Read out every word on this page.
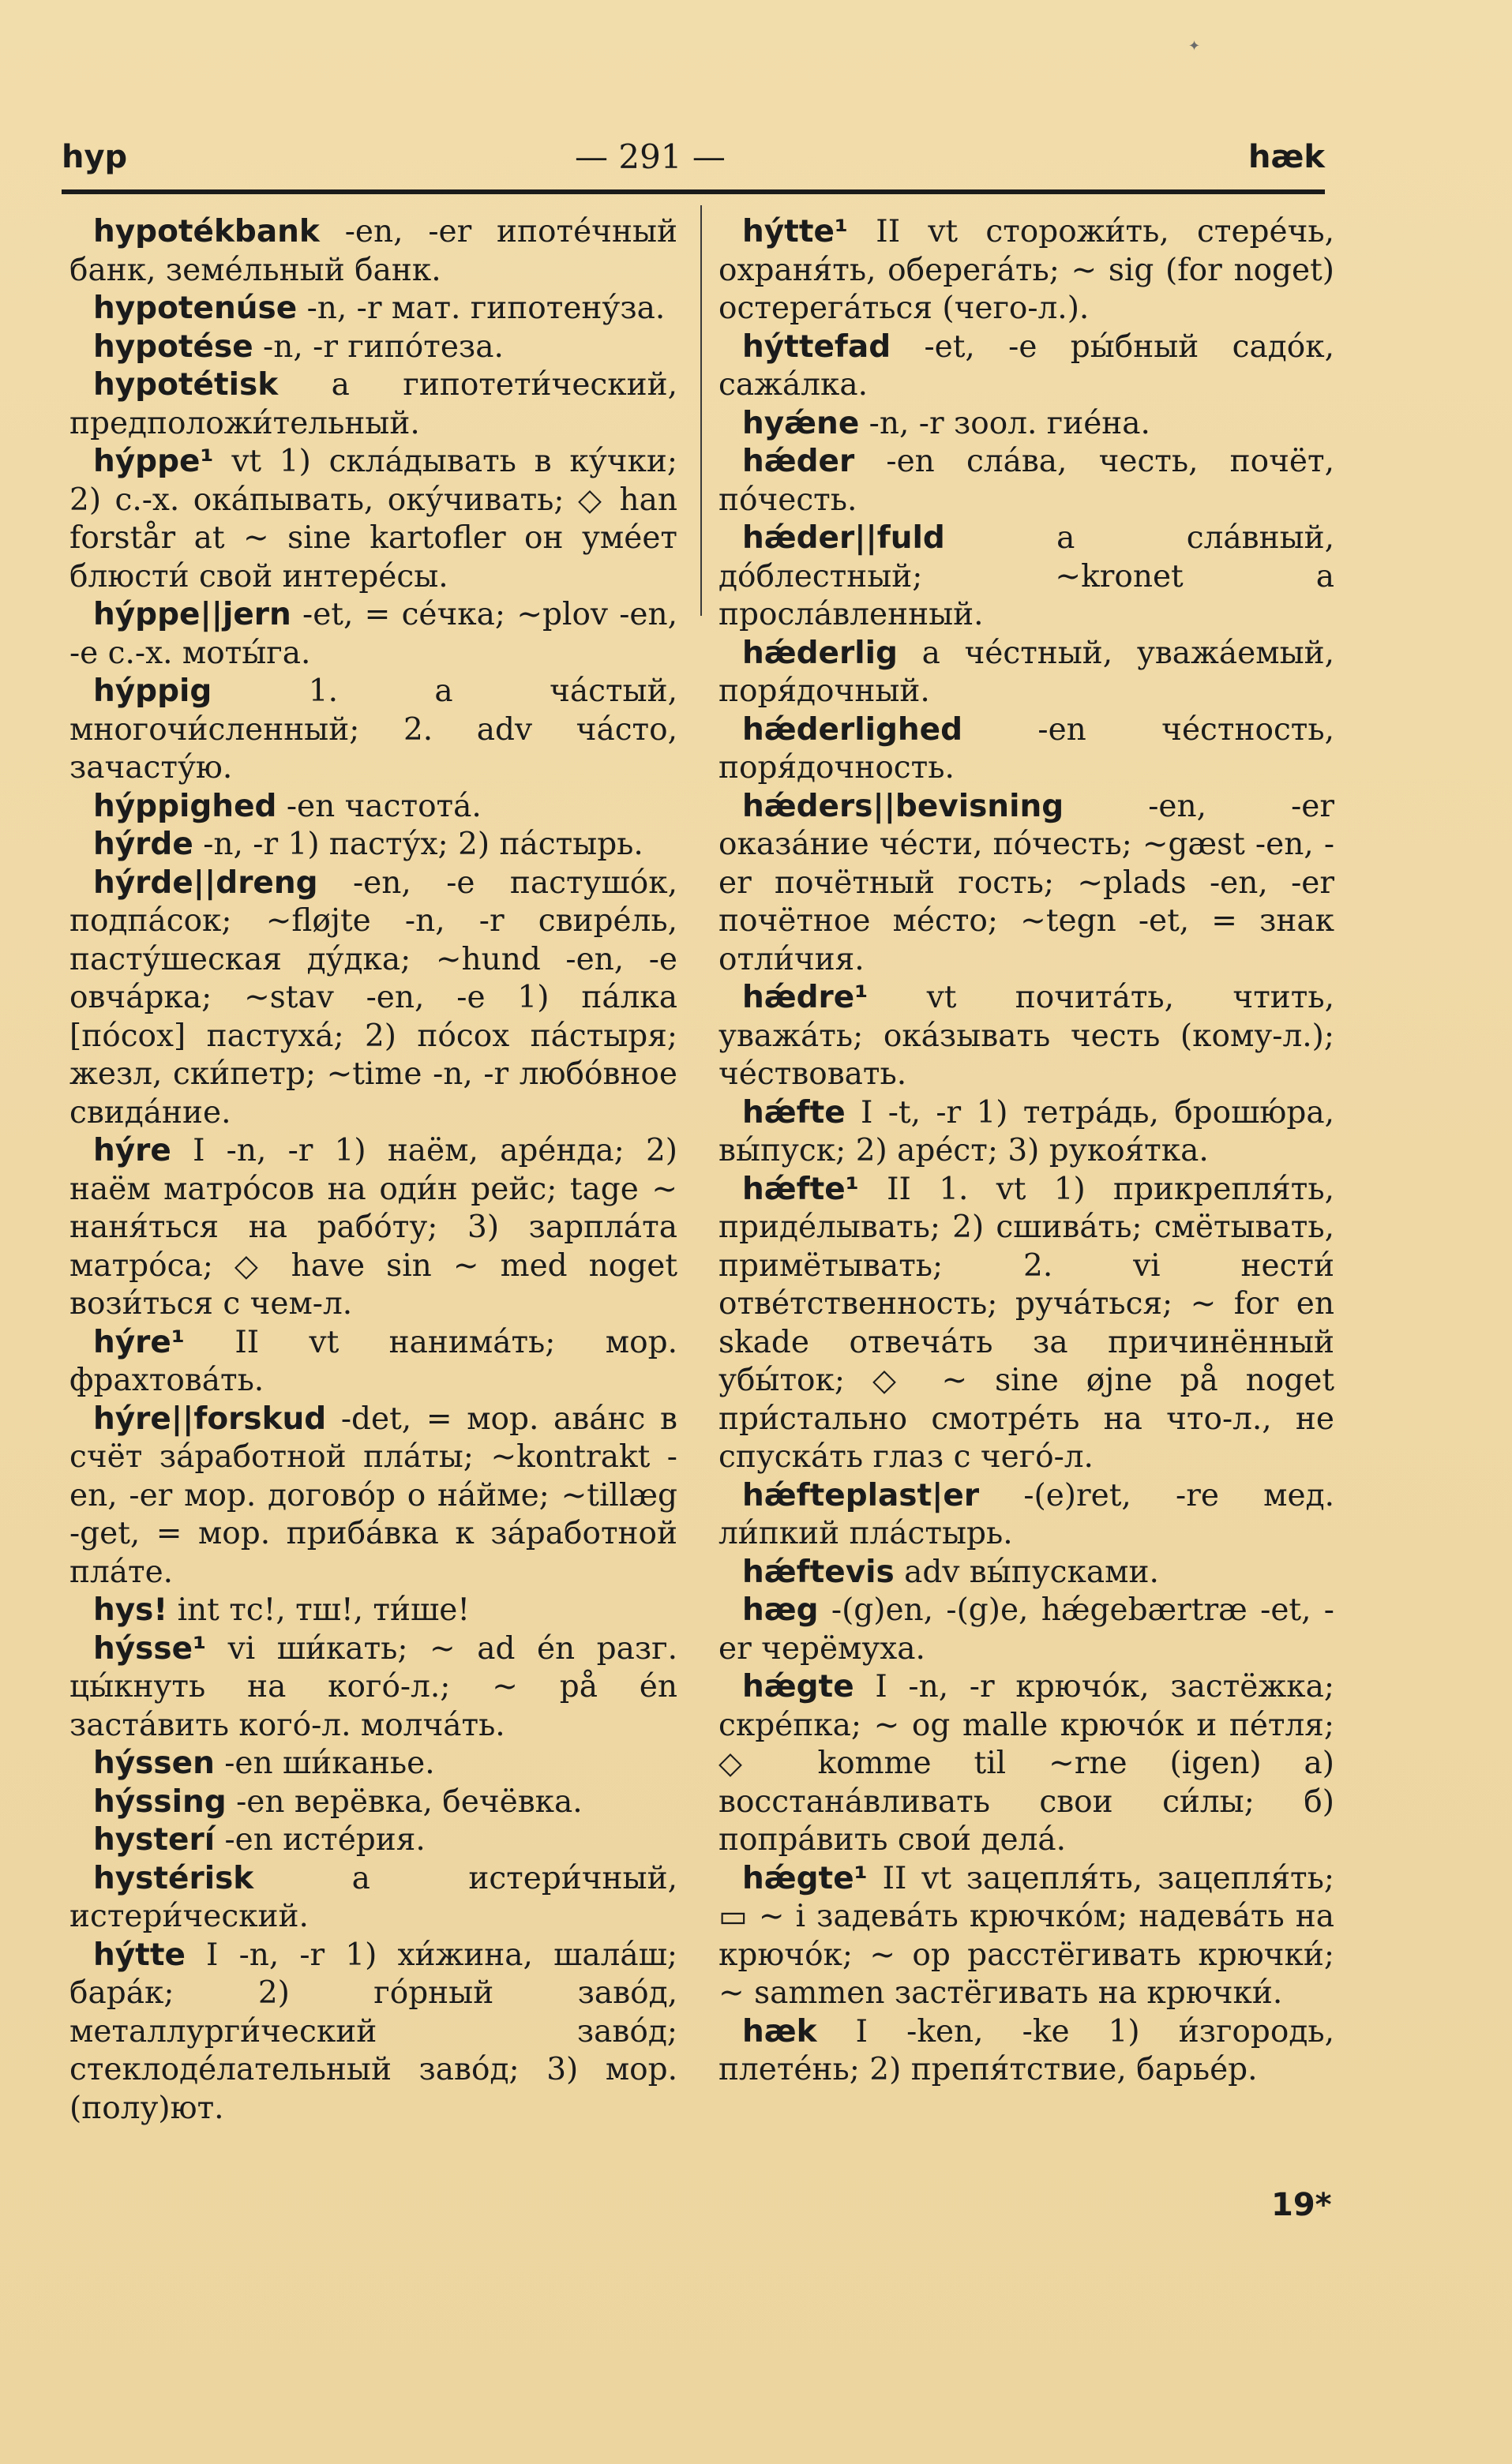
✦
hyp	— 291 —	hæk

hypotékbank -en, -er ипоте́чный банк, земе́льный банк.

hypotenúse -n, -r мат. гипотену́за.

hypotése -n, -r гипо́теза.

hypotétisk a гипотети́ческий, предположи́тельный.

hýppe¹ vt 1) скла́дывать в ку́чки; 2) с.-х. ока́пывать, оку́чивать; ◇ han forstår at ~ sine kartofler он уме́ет блюсти́ свой интере́сы.

hýppe||jern -et, = се́чка; ~plov -en, -e с.-х. моты́га.

hýppig 1. a ча́стый, многочи́сленный; 2. adv ча́сто, зачасту́ю.

hýppighed -en частота́.

hýrde -n, -r 1) пасту́х; 2) па́стырь.

hýrde||dreng -en, -e пастушо́к, подпа́сок; ~fløjte -n, -r свире́ль, пасту́шеская ду́дка; ~hund -en, -e овча́рка; ~stav -en, -e 1) па́лка [по́сох] пастуха́; 2) по́сох па́стыря; жезл, ски́петр; ~time -n, -r любо́вное свида́ние.

hýre I -n, -r 1) наём, аре́нда; 2) наём матро́сов на оди́н рейс; tage ~ наня́ться на рабо́ту; 3) зарпла́та матро́са; ◇ have sin ~ med noget вози́ться с чем-л.

hýre¹ II vt нанима́ть; мор. фрахтова́ть.

hýre||forskud -det, = мор. ава́нс в счёт за́работной пла́ты; ~kontrakt -en, -er мор. догово́р о на́йме; ~tillæg -get, = мор. приба́вка к за́работной пла́те.

hys! int тс!, тш!, ти́ше!

hýsse¹ vi ши́кать; ~ ad én разг. цы́кнуть на кого́-л.; ~ på én заста́вить кого́-л. молча́ть.

hýssen -en ши́канье.

hýssing -en верёвка, бечёвка.

hysterí -en исте́рия.

hystérisk a истери́чный, истери́ческий.

hýtte I -n, -r 1) хи́жина, шала́ш; бара́к; 2) го́рный заво́д, металлурги́ческий заво́д; стеклоде́лательный заво́д; 3) мор. (полу)ют.

hýtte¹ II vt сторожи́ть, стере́чь, охраня́ть, оберега́ть; ~ sig (for noget) остерега́ться (чего-л.).

hýttefad -et, -e ры́бный садо́к, сажа́лка.

hyǽne -n, -r зоол. гие́на.

hǽder -en сла́ва, честь, почёт, по́честь.

hǽder||fuld a сла́вный, до́блестный; ~kronet a просла́вленный.

hǽderlig a че́стный, уважа́емый, поря́дочный.

hǽderlighed -en че́стность, поря́дочность.

hǽders||bevisning -en, -er оказа́ние че́сти, по́честь; ~gæst -en, -er почётный гость; ~plads -en, -er почётное ме́сто; ~tegn -et, = знак отли́чия.

hǽdre¹ vt почита́ть, чтить, уважа́ть; ока́зывать честь (кому-л.); че́ствовать.

hǽfte I -t, -r 1) тетра́дь, брошю́ра, вы́пуск; 2) аре́ст; 3) рукоя́тка.

hǽfte¹ II 1. vt 1) прикрепля́ть, приде́лывать; 2) сшива́ть; смётывать, примётывать; 2. vi нести́ отве́тственность; руча́ться; ~ for en skade отвеча́ть за причинённый убы́ток; ◇ ~ sine øjne på noget при́стально смотре́ть на что-л., не спуска́ть глаз с чего́-л.

hǽfteplast|er -(e)ret, -re мед. ли́пкий пла́стырь.

hǽftevis adv вы́пусками.

hæg -(g)en, -(g)e, hǽgebærtræ -et, -er черёмуха.

hǽgte I -n, -r крючо́к, застёжка; скре́пка; ~ og malle крючо́к и пе́тля; ◇ komme til ~rne (igen) а) восстана́вливать свои си́лы; б) попра́вить свои́ дела́.

hǽgte¹ II vt зацепля́ть, зацепля́ть; ▭ ~ i задева́ть крючко́м; надева́ть на крючо́к; ~ op расстёгивать крючки́; ~ sammen застёгивать на крючки́.

hæk I -ken, -ke 1) и́згородь, плете́нь; 2) препя́тствие, барье́р.

19*
